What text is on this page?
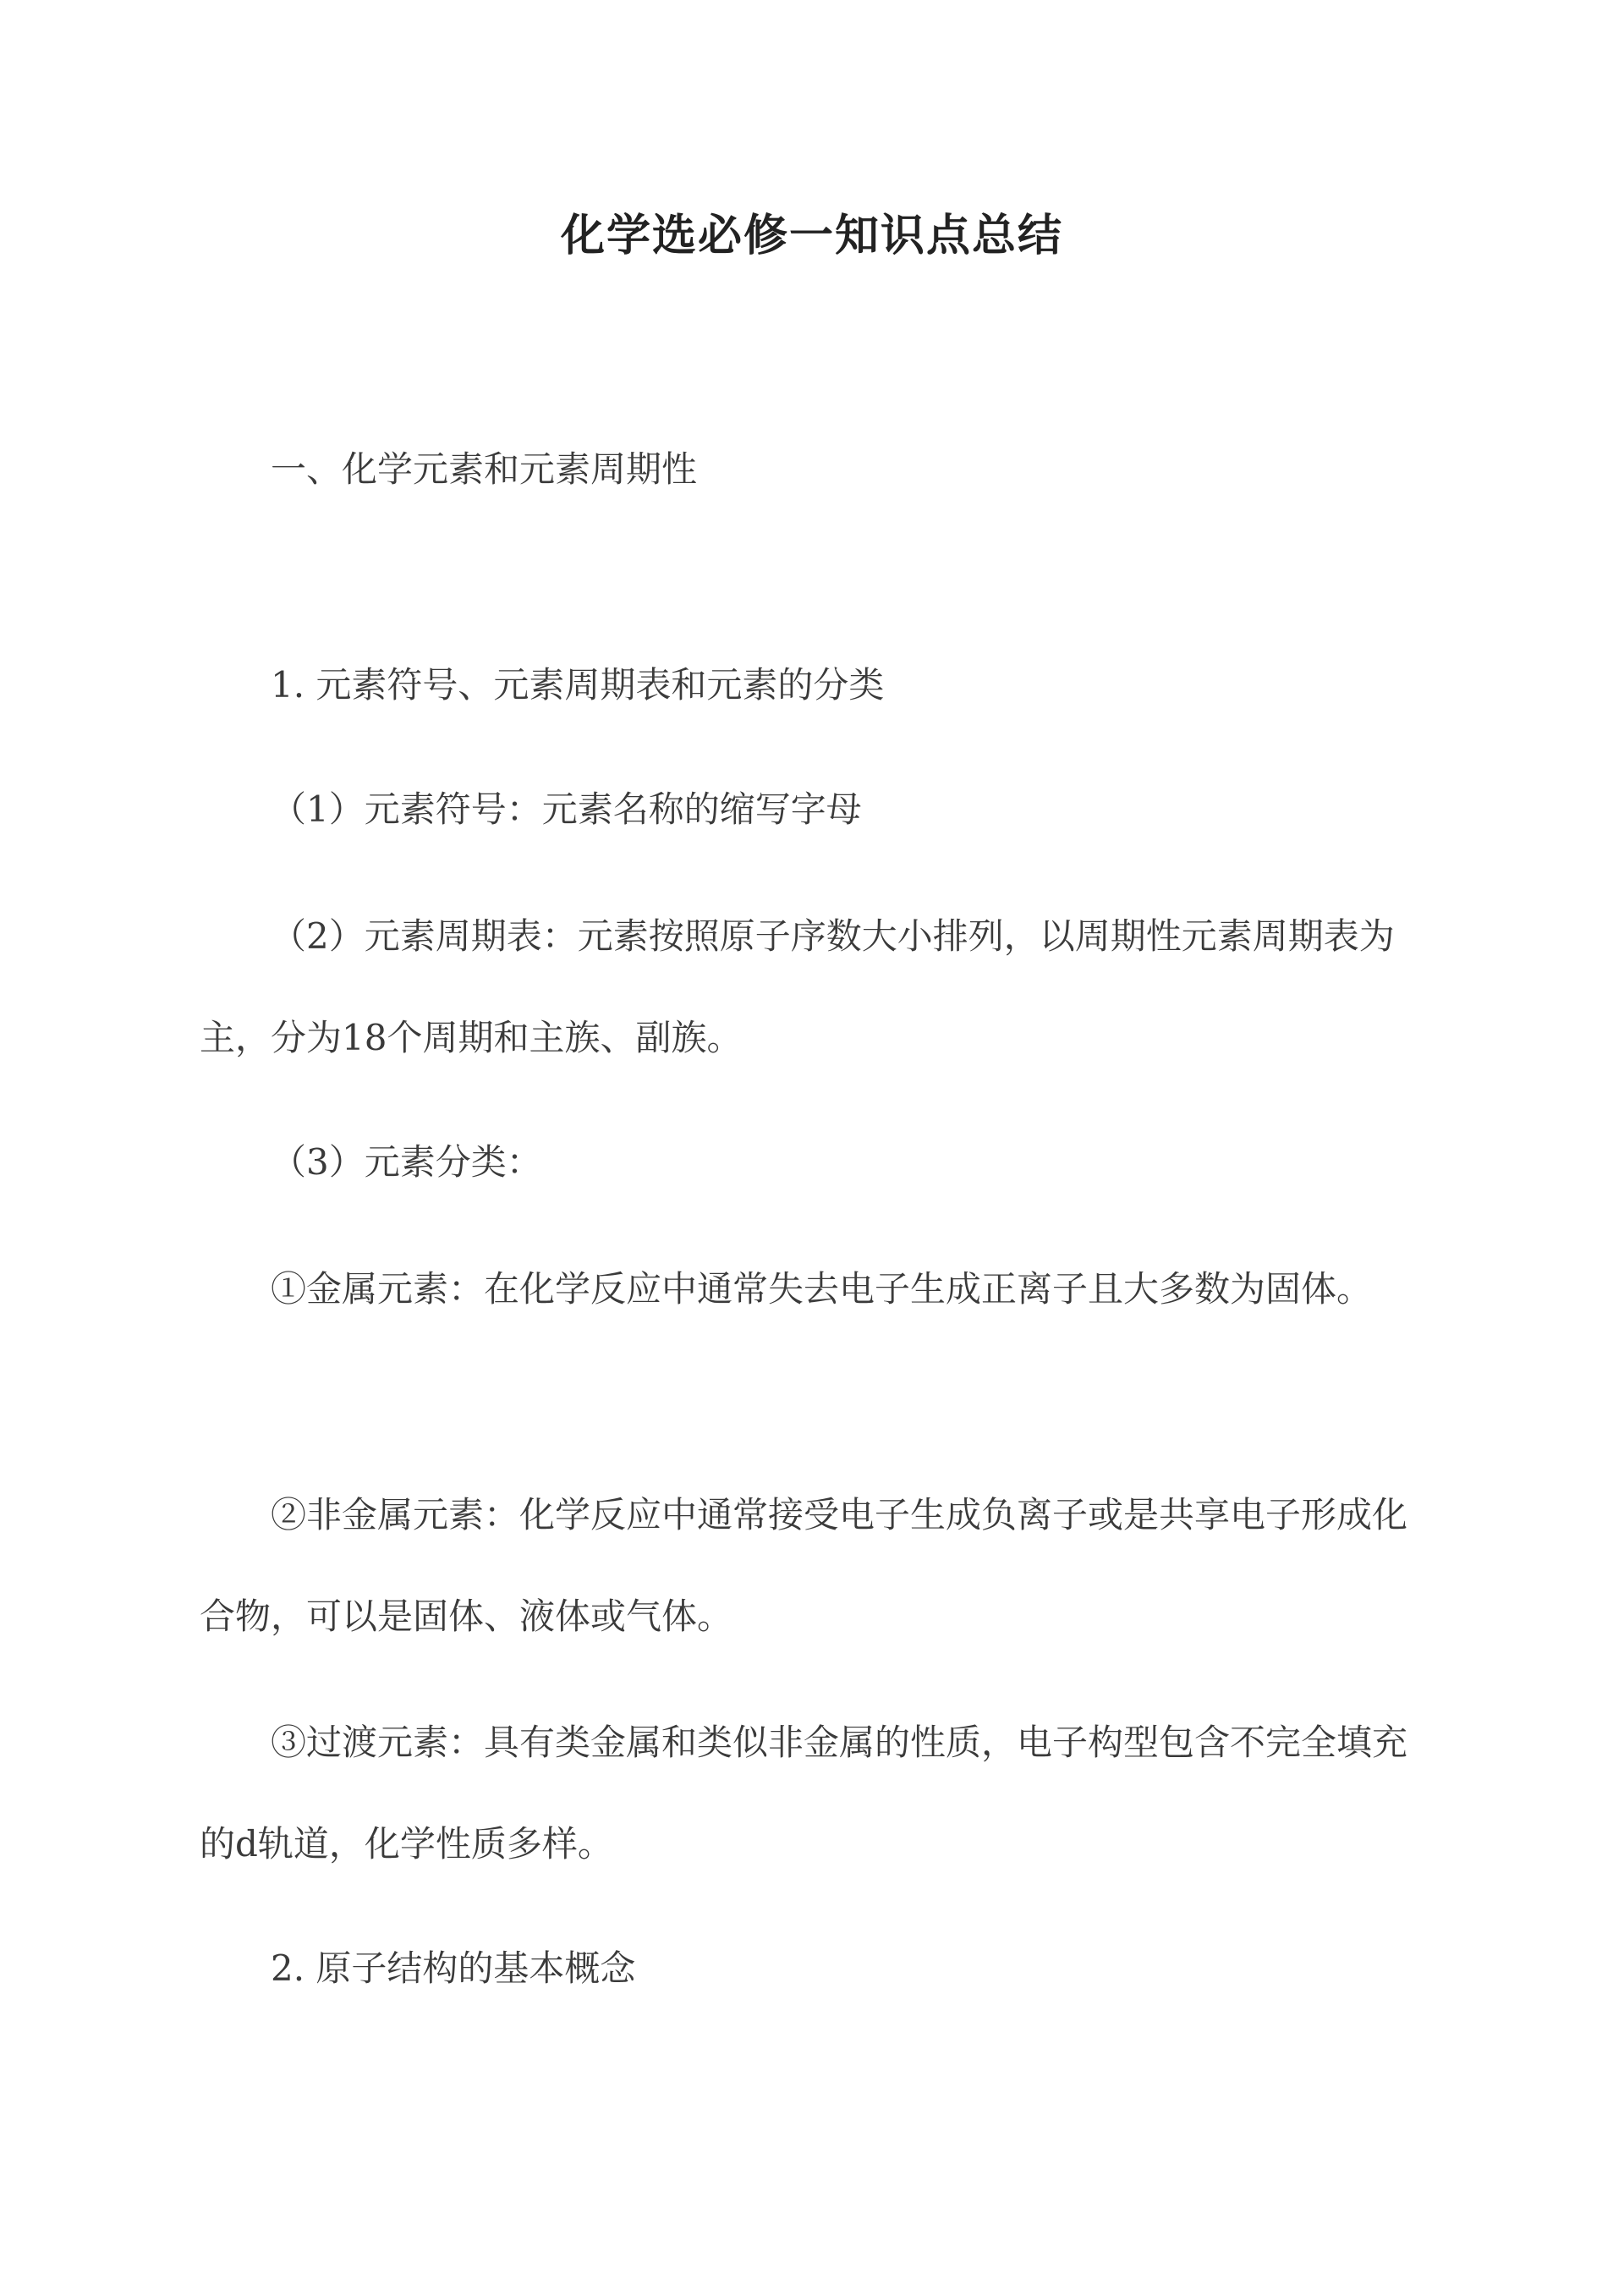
化学选必修一知识点总结

一、化学元素和元素周期性

1. 元素符号、元素周期表和元素的分类

（1）元素符号：元素名称的缩写字母

（2）元素周期表：元素按照原子序数大小排列，以周期性元素周期表为主，分为18个周期和主族、副族。

（3）元素分类：

①金属元素：在化学反应中通常失去电子生成正离子且大多数为固体。

②非金属元素：化学反应中通常接受电子生成负离子或是共享电子形成化合物，可以是固体、液体或气体。

③过渡元素：具有类金属和类似非金属的性质，电子构型包含不完全填充的d轨道，化学性质多样。

2. 原子结构的基本概念
